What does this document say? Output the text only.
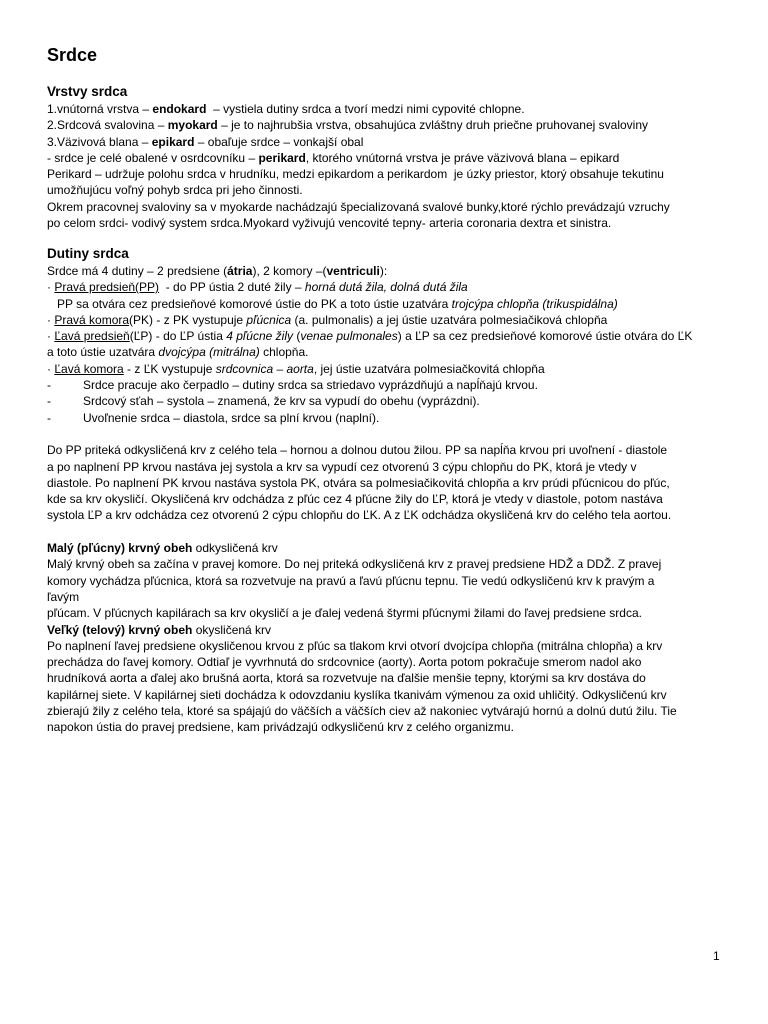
Srdce
Vrstvy srdca
1.vnútorná vrstva – endokard  – vystiela dutiny srdca a tvorí medzi nimi cypovité chlopne.
2.Srdcová svalovina – myokard – je to najhrubšia vrstva, obsahujúca zvláštny druh priečne pruhovanej svaloviny
3.Väzivová blana – epikard – obaľuje srdce – vonkajší obal
- srdce je celé obalené v osrdcovníku – perikard, ktorého vnútorná vrstva je práve väzivová blana – epikard
Perikard – udržuje polohu srdca v hrudníku, medzi epikardom a perikardom  je úzky priestor, ktorý obsahuje tekutinu
umožňujúcu voľný pohyb srdca pri jeho činnosti.
Okrem pracovnej svaloviny sa v myokarde nachádzajú špecializovaná svalové bunky,ktoré rýchlo prevádzajú vzruchy
po celom srdci- vodivý system srdca.Myokard vyživujú vencovité tepny- arteria coronaria dextra et sinistra.
Dutiny srdca
Srdce má 4 dutiny – 2 predsiene (átria), 2 komory –(ventriculi):
· Pravá predsieň(PP)  - do PP ústia 2 duté žily – horná dutá žila, dolná dutá žila
PP sa otvára cez predsieňové komorové ústie do PK a toto ústie uzatvára trojcýpa chlopňa (trikuspidálna)
· Pravá komora(PK) - z PK vystupuje pľúcnica (a. pulmonalis) a jej ústie uzatvára polmesiačiková chlopňa
· Ľavá predsieň(ĽP) - do ĽP ústia 4 pľúcne žily (venae pulmonales) a ĽP sa cez predsieňové komorové ústie otvára do ĽK
a toto ústie uzatvára dvojcýpa (mitrálna) chlopňa.
· Ľavá komora - z ĽK vystupuje srdcovnica – aorta, jej ústie uzatvára polmesiačkovitá chlopňa
-	Srdce pracuje ako čerpadlo – dutiny srdca sa striedavo vyprázdňujú a napĺňajú krvou.
-	Srdcový sťah – systola – znamená, že krv sa vypudí do obehu (vyprázdni).
-	Uvoľnenie srdca – diastola, srdce sa plní krvou (naplní).
Do PP priteká odkysličená krv z celého tela – hornou a dolnou dutou žilou. PP sa napĺňa krvou pri uvoľnení - diastole
a po naplnení PP krvou nastáva jej systola a krv sa vypudí cez otvorenú 3 cýpu chlopňu do PK, ktorá je vtedy v
diastole. Po naplnení PK krvou nastáva systola PK, otvára sa polmesiačikovitá chlopňa a krv prúdi pľúcnicou do pľúc,
kde sa krv okysličí. Okysličená krv odchádza z pľúc cez 4 pľúcne žily do ĽP, ktorá je vtedy v diastole, potom nastáva
systola ĽP a krv odchádza cez otvorenú 2 cýpu chlopňu do ĽK. A z ĽK odchádza okysličená krv do celého tela aortou.
Malý (pľúcny) krvný obeh odkysličená krv
Malý krvný obeh sa začína v pravej komore. Do nej priteká odkysličená krv z pravej predsiene HDŽ a DDŽ. Z pravej
komory vychádza pľúcnica, ktorá sa rozvetvuje na pravú a ľavú pľúcnu tepnu. Tie vedú odkysličenú krv k pravým a
ľavým
pľúcam. V pľúcnych kapilárach sa krv okysličí a je ďalej vedená štyrmi pľúcnymi žilami do ľavej predsiene srdca.
Veľký (telový) krvný obeh okysličená krv
Po naplnení ľavej predsiene okysličenou krvou z pľúc sa tlakom krvi otvorí dvojcípa chlopňa (mitrálna chlopňa) a krv
prechádza do ľavej komory. Odtiaľ je vyvrhnutá do srdcovnice (aorty). Aorta potom pokračuje smerom nadol ako
hrudníková aorta a ďalej ako brušná aorta, ktorá sa rozvetvuje na ďalšie menšie tepny, ktorými sa krv dostáva do
kapilárnej siete. V kapilárnej sieti dochádza k odovzdaniu kyslíka tkanivám výmenou za oxid uhličitý. Odkysličenú krv
zbierajú žily z celého tela, ktoré sa spájajú do väčších a väčších ciev až nakoniec vytvárajú hornú a dolnú dutú žilu. Tie
napokon ústia do pravej predsiene, kam privádzajú odkysličenú krv z celého organizmu.
1
